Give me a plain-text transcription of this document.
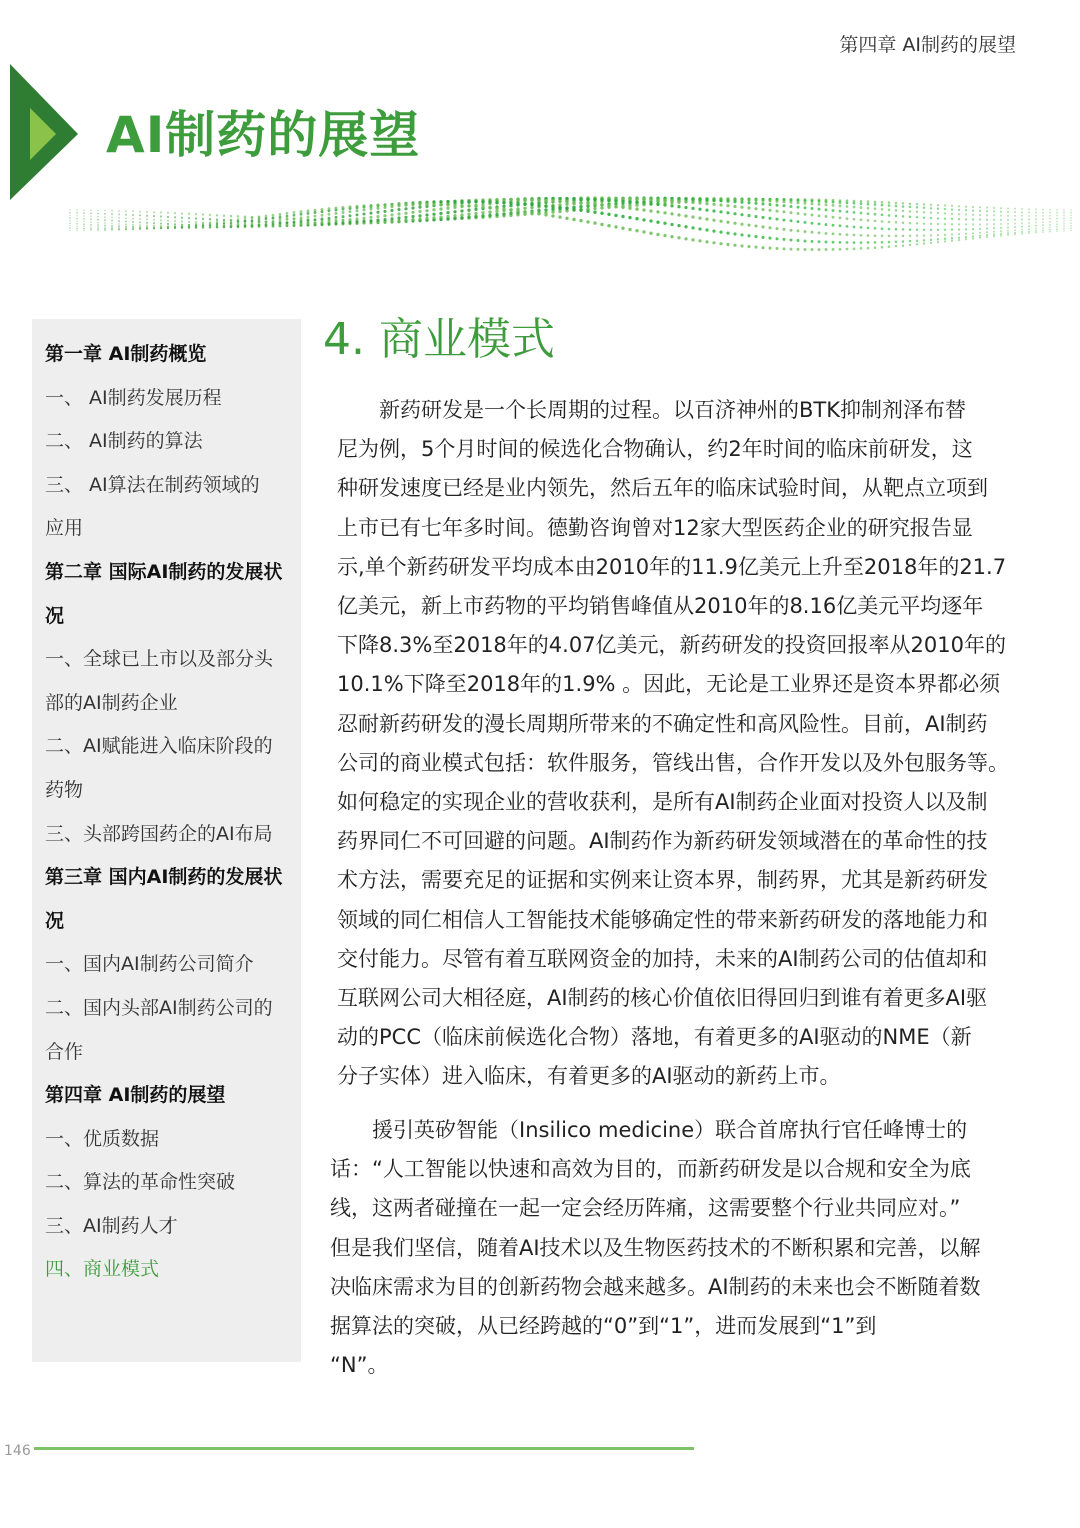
第四章 AI制药的展望
AI制药的展望
第一章 AI制药概览
一、 AI制药发展历程
二、 AI制药的算法
三、 AI算法在制药领域的
应用
第二章 国际AI制药的发展状
况
一、全球已上市以及部分头
部的AI制药企业
二、AI赋能进入临床阶段的
药物
三、头部跨国药企的AI布局
第三章 国内AI制药的发展状
况
一、国内AI制药公司简介
二、国内头部AI制药公司的
合作
第四章 AI制药的展望
一、优质数据
二、算法的革命性突破
三、AI制药人才
四、商业模式
4. 商业模式
　　新药研发是一个长周期的过程。以百济神州的BTK抑制剂泽布替
尼为例，5个月时间的候选化合物确认，约2年时间的临床前研发，这
种研发速度已经是业内领先，然后五年的临床试验时间，从靶点立项到
上市已有七年多时间。德勤咨询曾对12家大型医药企业的研究报告显
示,单个新药研发平均成本由2010年的11.9亿美元上升至2018年的21.7
亿美元，新上市药物的平均销售峰值从2010年的8.16亿美元平均逐年
下降8.3%至2018年的4.07亿美元，新药研发的投资回报率从2010年的
10.1%下降至2018年的1.9% 。因此，无论是工业界还是资本界都必须
忍耐新药研发的漫长周期所带来的不确定性和高风险性。目前，AI制药
公司的商业模式包括：软件服务，管线出售，合作开发以及外包服务等。
如何稳定的实现企业的营收获利，是所有AI制药企业面对投资人以及制
药界同仁不可回避的问题。AI制药作为新药研发领域潜在的革命性的技
术方法，需要充足的证据和实例来让资本界，制药界，尤其是新药研发
领域的同仁相信人工智能技术能够确定性的带来新药研发的落地能力和
交付能力。尽管有着互联网资金的加持，未来的AI制药公司的估值却和
互联网公司大相径庭，AI制药的核心价值依旧得回归到谁有着更多AI驱
动的PCC（临床前候选化合物）落地，有着更多的AI驱动的NME（新
分子实体）进入临床，有着更多的AI驱动的新药上市。
　　援引英矽智能（Insilico medicine）联合首席执行官任峰博士的
话：“人工智能以快速和高效为目的，而新药研发是以合规和安全为底
线，这两者碰撞在一起一定会经历阵痛，这需要整个行业共同应对。”
但是我们坚信，随着AI技术以及生物医药技术的不断积累和完善，以解
决临床需求为目的创新药物会越来越多。AI制药的未来也会不断随着数
据算法的突破，从已经跨越的“0”到“1”，进而发展到“1”到
“N”。
146
